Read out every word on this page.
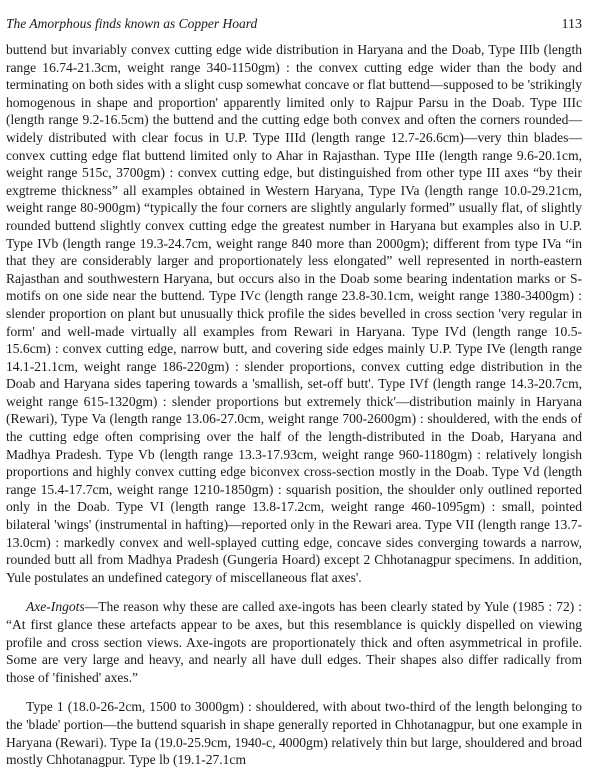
The Amorphous finds known as Copper Hoard	113

buttend but invariably convex cutting edge wide distribution in Haryana and the Doab, Type IIIb (length range 16.74-21.3cm, weight range 340-1150gm) : the convex cutting edge wider than the body and terminating on both sides with a slight cusp somewhat concave or flat buttend—supposed to be 'strikingly homogenous in shape and proportion' apparently limited only to Rajpur Parsu in the Doab. Type IIIc (length range 9.2-16.5cm) the buttend and the cutting edge both convex and often the corners rounded—widely distributed with clear focus in U.P. Type IIId (length range 12.7-26.6cm)—very thin blades—convex cutting edge flat buttend limited only to Ahar in Rajasthan. Type IIIe (length range 9.6-20.1cm, weight range 515c, 3700gm) : convex cutting edge, but distinguished from other type III axes “by their exgtreme thickness” all examples obtained in Western Haryana, Type IVa (length range 10.0-29.21cm, weight range 80-900gm) “typically the four corners are slightly angularly formed” usually flat, of slightly rounded buttend slightly convex cutting edge the greatest number in Haryana but examples also in U.P. Type IVb (length range 19.3-24.7cm, weight range 840 more than 2000gm); different from type IVa “in that they are considerably larger and proportionately less elongated” well represented in north-eastern Rajasthan and southwestern Haryana, but occurs also in the Doab some bearing indentation marks or S-motifs on one side near the buttend. Type IVc (length range 23.8-30.1cm, weight range 1380-3400gm) : slender proportion on plant but unusually thick profile the sides bevelled in cross section 'very regular in form' and well-made virtually all examples from Rewari in Haryana. Type IVd (length range 10.5-15.6cm) : convex cutting edge, narrow butt, and covering side edges mainly U.P. Type IVe (length range 14.1-21.1cm, weight range 186-220gm) : slender proportions, convex cutting edge distribution in the Doab and Haryana sides tapering towards a 'smallish, set-off butt'. Type IVf (length range 14.3-20.7cm, weight range 615-1320gm) : slender proportions but extremely thick'—distribution mainly in Haryana (Rewari), Type Va (length range 13.06-27.0cm, weight range 700-2600gm) : shouldered, with the ends of the cutting edge often comprising over the half of the length-distributed in the Doab, Haryana and Madhya Pradesh. Type Vb (length range 13.3-17.93cm, weight range 960-1180gm) : relatively longish proportions and highly convex cutting edge biconvex cross-section mostly in the Doab. Type Vd (length range 15.4-17.7cm, weight range 1210-1850gm) : squarish position, the shoulder only outlined reported only in the Doab. Type VI (length range 13.8-17.2cm, weight range 460-1095gm) : small, pointed bilateral 'wings' (instrumental in hafting)—reported only in the Rewari area. Type VII (length range 13.7-13.0cm) : markedly convex and well-splayed cutting edge, concave sides converging towards a narrow, rounded butt all from Madhya Pradesh (Gungeria Hoard) except 2 Chhotanagpur specimens. In addition, Yule postulates an undefined category of miscellaneous flat axes'.

Axe-Ingots—The reason why these are called axe-ingots has been clearly stated by Yule (1985 : 72) : “At first glance these artefacts appear to be axes, but this resemblance is quickly dispelled on viewing profile and cross section views. Axe-ingots are proportionately thick and often asymmetrical in profile. Some are very large and heavy, and nearly all have dull edges. Their shapes also differ radically from those of 'finished' axes.”

Type 1 (18.0-26-2cm, 1500 to 3000gm) : shouldered, with about two-third of the length belonging to the 'blade' portion—the buttend squarish in shape generally reported in Chhotanagpur, but one example in Haryana (Rewari). Type Ia (19.0-25.9cm, 1940-c, 4000gm) relatively thin but large, shouldered and broad mostly Chhotanagpur. Type lb (19.1-27.1cm
